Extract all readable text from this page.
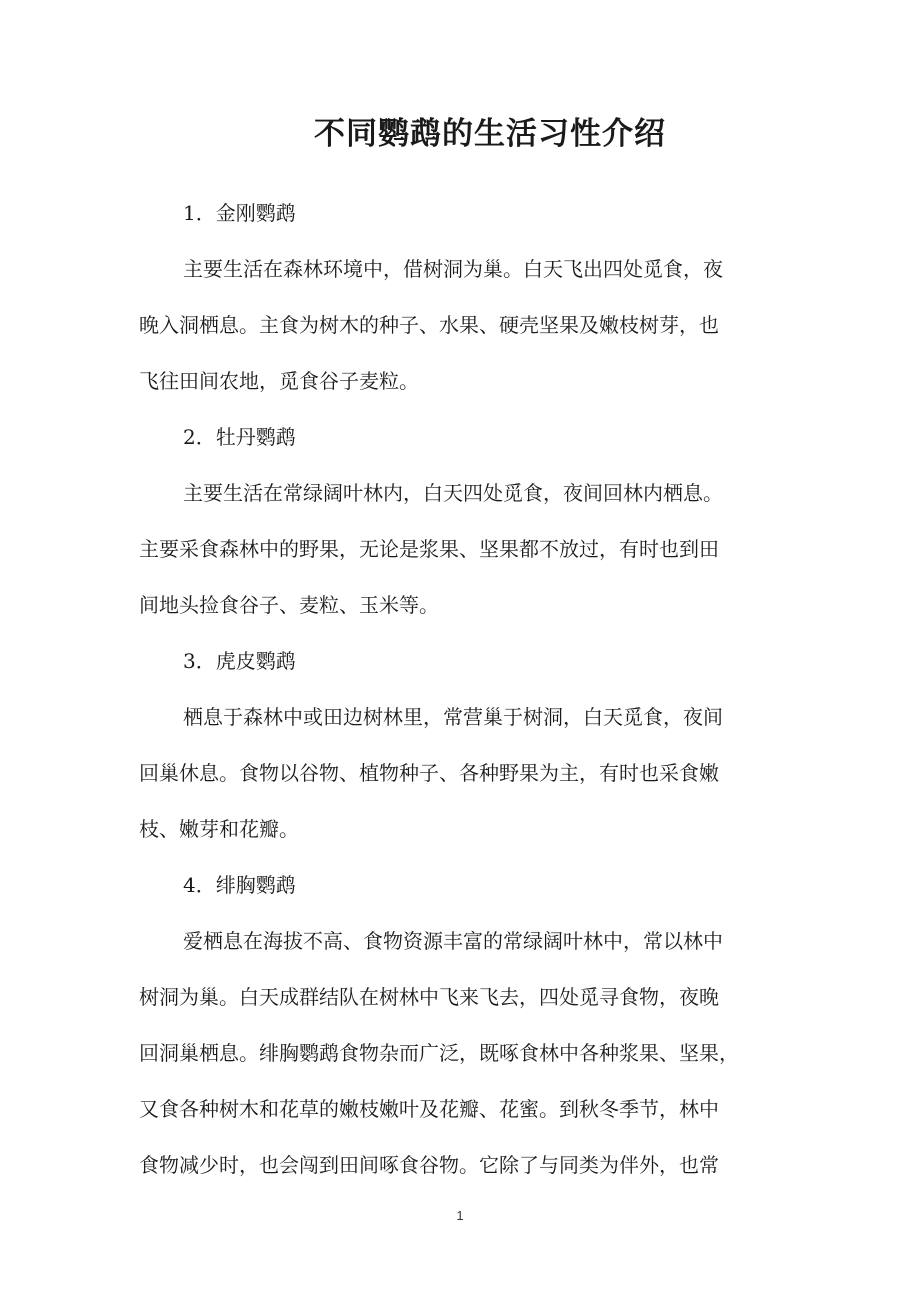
不同鹦鹉的生活习性介绍
1．金刚鹦鹉
主要生活在森林环境中，借树洞为巢。白天飞出四处觅食，夜
晚入洞栖息。主食为树木的种子、水果、硬壳坚果及嫩枝树芽，也
飞往田间农地，觅食谷子麦粒。
2．牡丹鹦鹉
主要生活在常绿阔叶林内，白天四处觅食，夜间回林内栖息。
主要采食森林中的野果，无论是浆果、坚果都不放过，有时也到田
间地头捡食谷子、麦粒、玉米等。
3．虎皮鹦鹉
栖息于森林中或田边树林里，常营巢于树洞，白天觅食，夜间
回巢休息。食物以谷物、植物种子、各种野果为主，有时也采食嫩
枝、嫩芽和花瓣。
4．绯胸鹦鹉
爱栖息在海拔不高、食物资源丰富的常绿阔叶林中，常以林中
树洞为巢。白天成群结队在树林中飞来飞去，四处觅寻食物，夜晚
回洞巢栖息。绯胸鹦鹉食物杂而广泛，既啄食林中各种浆果、坚果，
又食各种树木和花草的嫩枝嫩叶及花瓣、花蜜。到秋冬季节，林中
食物减少时，也会闯到田间啄食谷物。它除了与同类为伴外，也常
1
